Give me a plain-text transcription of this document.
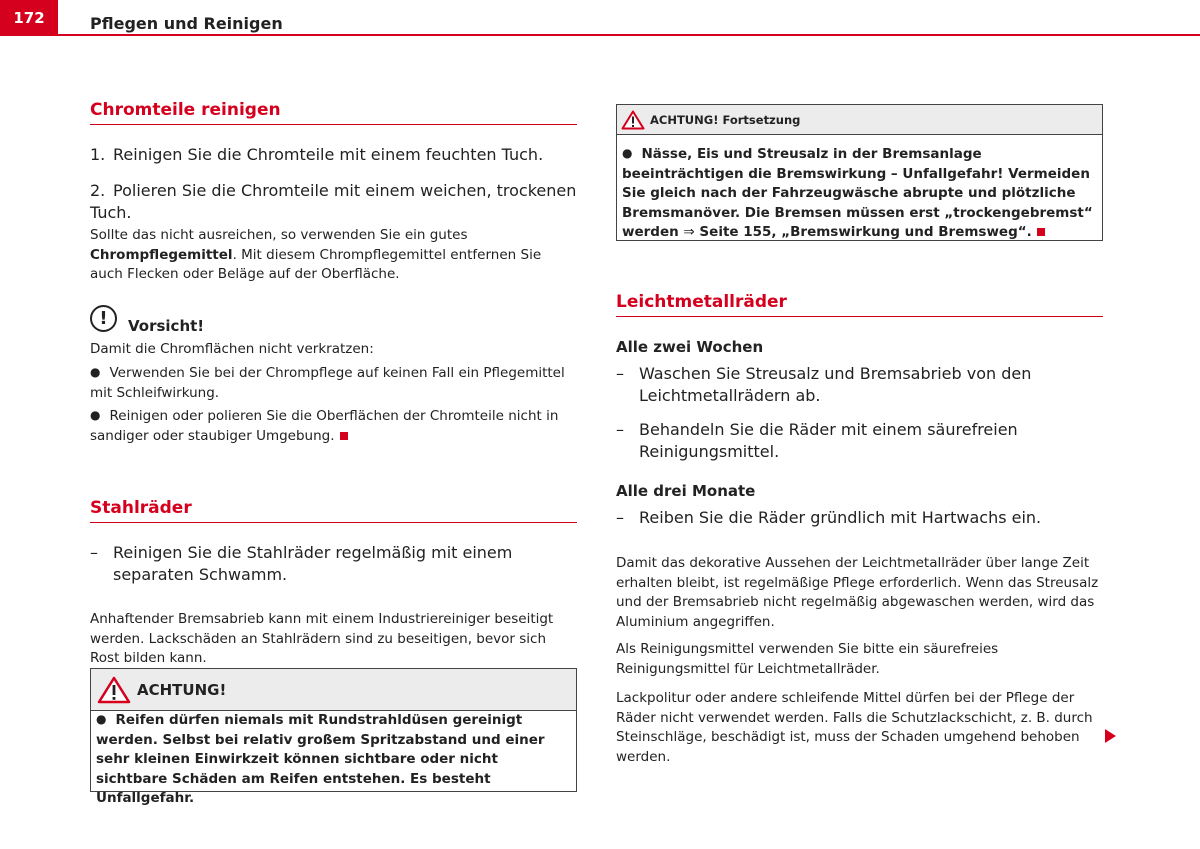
172	Pflegen und Reinigen
Chromteile reinigen
1. Reinigen Sie die Chromteile mit einem feuchten Tuch.
2. Polieren Sie die Chromteile mit einem weichen, trockenen Tuch.
Sollte das nicht ausreichen, so verwenden Sie ein gutes Chrompflegemittel. Mit diesem Chrompflegemittel entfernen Sie auch Flecken oder Beläge auf der Oberfläche.
!	Vorsicht!
Damit die Chromflächen nicht verkratzen:
● Verwenden Sie bei der Chrompflege auf keinen Fall ein Pflegemittel mit Schleifwirkung.
● Reinigen oder polieren Sie die Oberflächen der Chromteile nicht in sandiger oder staubiger Umgebung.
Stahlräder
– Reinigen Sie die Stahlräder regelmäßig mit einem separaten Schwamm.
Anhaftender Bremsabrieb kann mit einem Industriereiniger beseitigt werden. Lackschäden an Stahlrädern sind zu beseitigen, bevor sich Rost bilden kann.
ACHTUNG!
● Reifen dürfen niemals mit Rundstrahldüsen gereinigt werden. Selbst bei relativ großem Spritzabstand und einer sehr kleinen Einwirkzeit können sichtbare oder nicht sichtbare Schäden am Reifen entstehen. Es besteht Unfallgefahr.
ACHTUNG! Fortsetzung
● Nässe, Eis und Streusalz in der Bremsanlage beeinträchtigen die Bremswirkung – Unfallgefahr! Vermeiden Sie gleich nach der Fahrzeugwäsche abrupte und plötzliche Bremsmanöver. Die Bremsen müssen erst „trockengebremst“ werden ⇒ Seite 155, „Bremswirkung und Bremsweg“.
Leichtmetallräder
Alle zwei Wochen
– Waschen Sie Streusalz und Bremsabrieb von den Leichtmetallrädern ab.
– Behandeln Sie die Räder mit einem säurefreien Reinigungsmittel.
Alle drei Monate
– Reiben Sie die Räder gründlich mit Hartwachs ein.
Damit das dekorative Aussehen der Leichtmetallräder über lange Zeit erhalten bleibt, ist regelmäßige Pflege erforderlich. Wenn das Streusalz und der Bremsabrieb nicht regelmäßig abgewaschen werden, wird das Aluminium angegriffen.
Als Reinigungsmittel verwenden Sie bitte ein säurefreies Reinigungsmittel für Leichtmetallräder.
Lackpolitur oder andere schleifende Mittel dürfen bei der Pflege der Räder nicht verwendet werden. Falls die Schutzlackschicht, z. B. durch Steinschläge, beschädigt ist, muss der Schaden umgehend behoben werden.
